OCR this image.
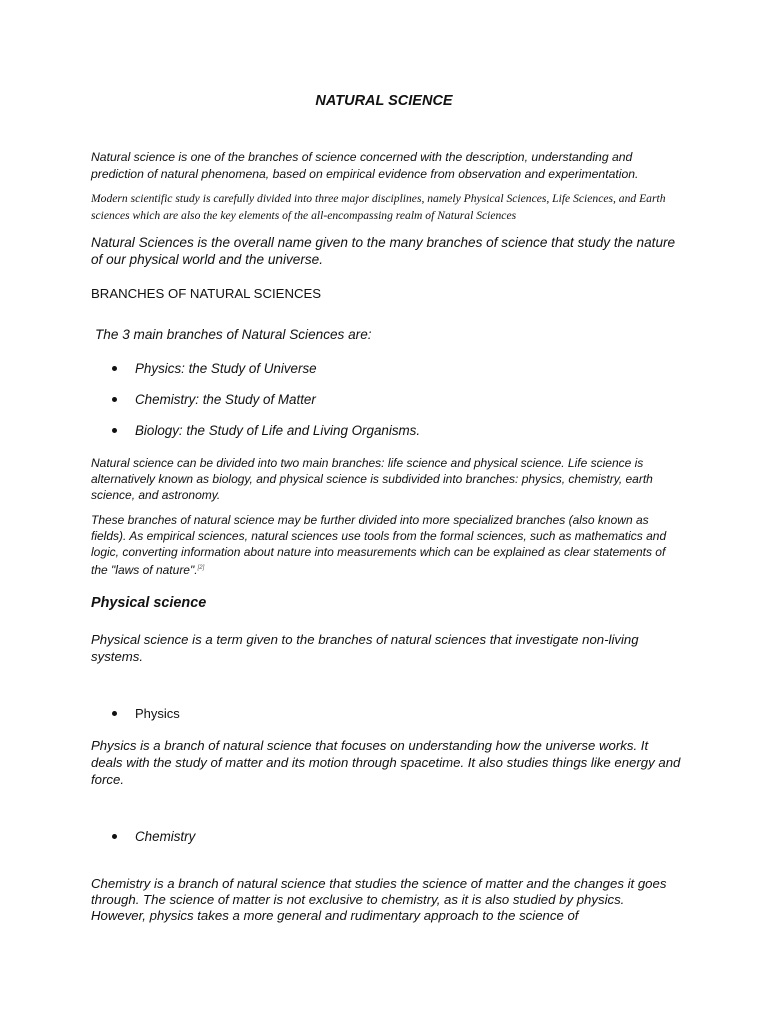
NATURAL SCIENCE

Natural science is one of the branches of science concerned with the description, understanding and prediction of natural phenomena, based on empirical evidence from observation and experimentation.

Modern scientific study is carefully divided into three major disciplines, namely Physical Sciences, Life Sciences, and Earth sciences which are also the key elements of the all-encompassing realm of Natural Sciences

Natural Sciences is the overall name given to the many branches of science that study the nature of our physical world and the universe.

BRANCHES OF NATURAL SCIENCES

The 3 main branches of Natural Sciences are:

Physics: the Study of Universe
Chemistry: the Study of Matter
Biology: the Study of Life and Living Organisms.

Natural science can be divided into two main branches: life science and physical science. Life science is alternatively known as biology, and physical science is subdivided into branches: physics, chemistry, earth science, and astronomy.

These branches of natural science may be further divided into more specialized branches (also known as fields). As empirical sciences, natural sciences use tools from the formal sciences, such as mathematics and logic, converting information about nature into measurements which can be explained as clear statements of the "laws of nature".[2]

Physical science

Physical science is a term given to the branches of natural sciences that investigate non-living systems.

Physics

Physics is a branch of natural science that focuses on understanding how the universe works. It deals with the study of matter and its motion through spacetime. It also studies things like energy and force.

Chemistry

Chemistry is a branch of natural science that studies the science of matter and the changes it goes through. The science of matter is not exclusive to chemistry, as it is also studied by physics. However, physics takes a more general and rudimentary approach to the science of
